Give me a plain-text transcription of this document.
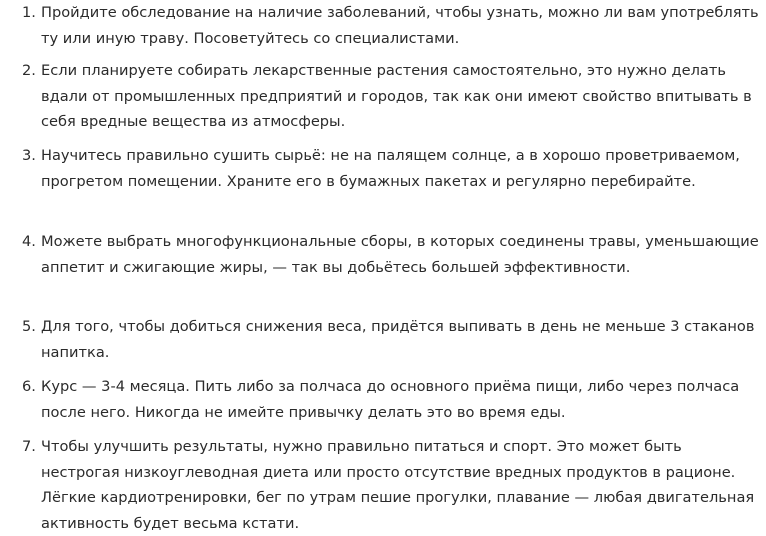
1. Пройдите обследование на наличие заболеваний, чтобы узнать, можно ли вам употреблять ту или иную траву. Посоветуйтесь со специалистами.
2. Если планируете собирать лекарственные растения самостоятельно, это нужно делать вдали от промышленных предприятий и городов, так как они имеют свойство впитывать в себя вредные вещества из атмосферы.
3. Научитесь правильно сушить сырьё: не на палящем солнце, а в хорошо проветриваемом, прогретом помещении. Храните его в бумажных пакетах и регулярно перебирайте.
4. Можете выбрать многофункциональные сборы, в которых соединены травы, уменьшающие аппетит и сжигающие жиры, — так вы добьётесь большей эффективности.
5. Для того, чтобы добиться снижения веса, придётся выпивать в день не меньше 3 стаканов напитка.
6. Курс — 3-4 месяца. Пить либо за полчаса до основного приёма пищи, либо через полчаса после него. Никогда не имейте привычку делать это во время еды.
7. Чтобы улучшить результаты, нужно правильно питаться и спорт. Это может быть нестрогая низкоуглеводная диета или просто отсутствие вредных продуктов в рационе. Лёгкие кардиотренировки, бег по утрам пешие прогулки, плавание — любая двигательная активность будет весьма кстати.
